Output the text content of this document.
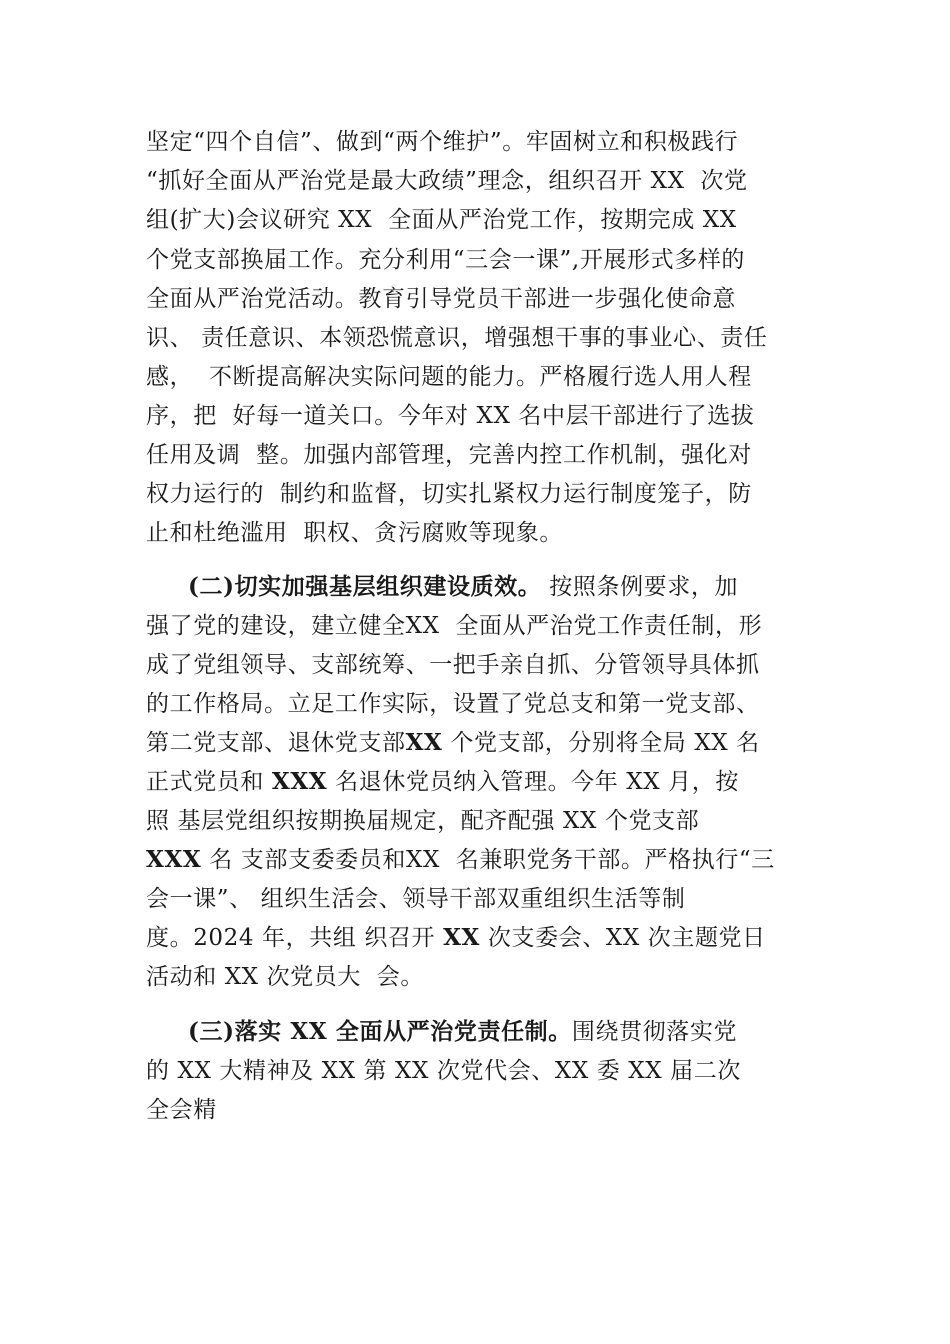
坚定“四个自信”、做到“两个维护”。牢固树立和积极践行
“抓好全面从严治党是最大政绩”理念，组织召开 XX  次党
组(扩大)会议研究 XX  全面从严治党工作，按期完成 XX
个党支部换届工作。充分利用“三会一课”,开展形式多样的
全面从严治党活动。教育引导党员干部进一步强化使命意
识、 责任意识、本领恐慌意识，增强想干事的事业心、责任
感，  不断提高解决实际问题的能力。严格履行选人用人程
序，把  好每一道关口。今年对 XX 名中层干部进行了选拔
任用及调  整。加强内部管理，完善内控工作机制，强化对
权力运行的  制约和监督，切实扎紧权力运行制度笼子，防
止和杜绝滥用  职权、贪污腐败等现象。
(二)切实加强基层组织建设质效。 按照条例要求，加
强了党的建设，建立健全XX  全面从严治党工作责任制，形
成了党组领导、支部统筹、一把手亲自抓、分管领导具体抓
的工作格局。立足工作实际，设置了党总支和第一党支部、
第二党支部、退休党支部XX 个党支部，分别将全局 XX 名
正式党员和 XXX 名退休党员纳入管理。今年 XX 月，按
照 基层党组织按期换届规定，配齐配强 XX 个党支部
XXX 名 支部支委委员和XX  名兼职党务干部。严格执行“三
会一课”、 组织生活会、领导干部双重组织生活等制
度。2024 年，共组 织召开 XX 次支委会、XX 次主题党日
活动和 XX 次党员大  会。
(三)落实 XX 全面从严治党责任制。围绕贯彻落实党
的 XX 大精神及 XX 第 XX 次党代会、XX 委 XX 届二次
全会精
